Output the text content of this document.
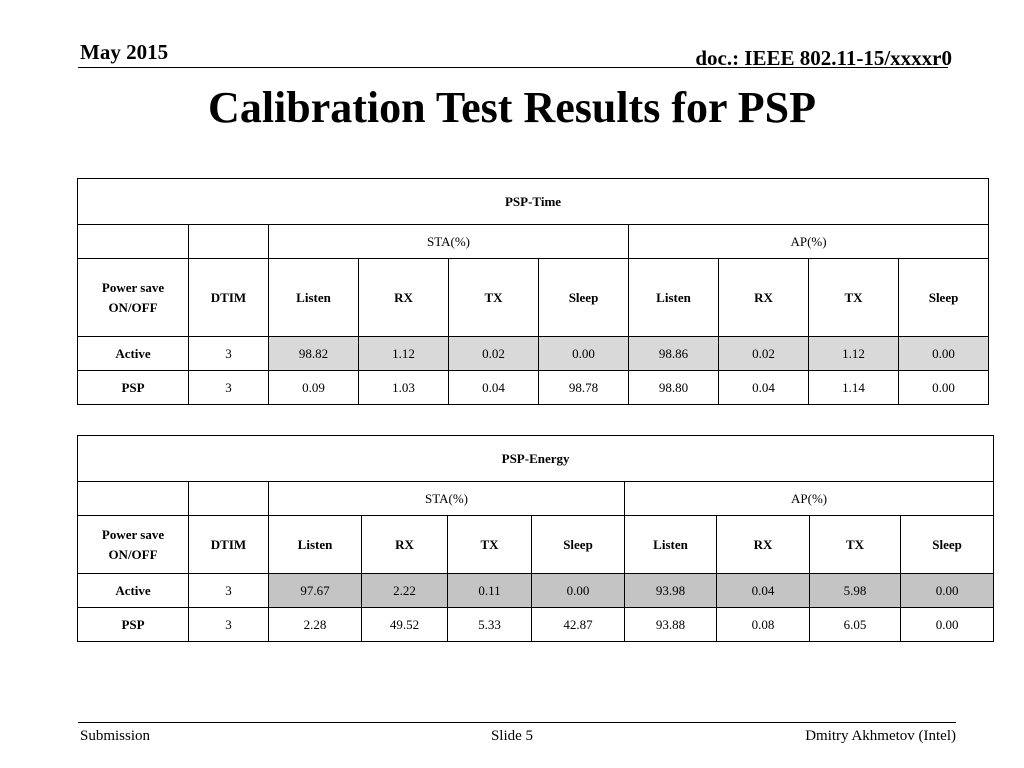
May 2015	doc.: IEEE 802.11-15/xxxxr0
Calibration Test Results for PSP
PSP-Time									
		STA(%)				AP(%)			
Power save
ON/OFF	DTIM	Listen	RX	TX	Sleep	Listen	RX	TX	Sleep
Active	3	98.82	1.12	0.02	0.00	98.86	0.02	1.12	0.00
PSP	3	0.09	1.03	0.04	98.78	98.80	0.04	1.14	0.00
PSP-Energy									
		STA(%)				AP(%)			
Power save
ON/OFF	DTIM	Listen	RX	TX	Sleep	Listen	RX	TX	Sleep
Active	3	97.67	2.22	0.11	0.00	93.98	0.04	5.98	0.00
PSP	3	2.28	49.52	5.33	42.87	93.88	0.08	6.05	0.00
Submission	Slide 5	Dmitry Akhmetov (Intel)
